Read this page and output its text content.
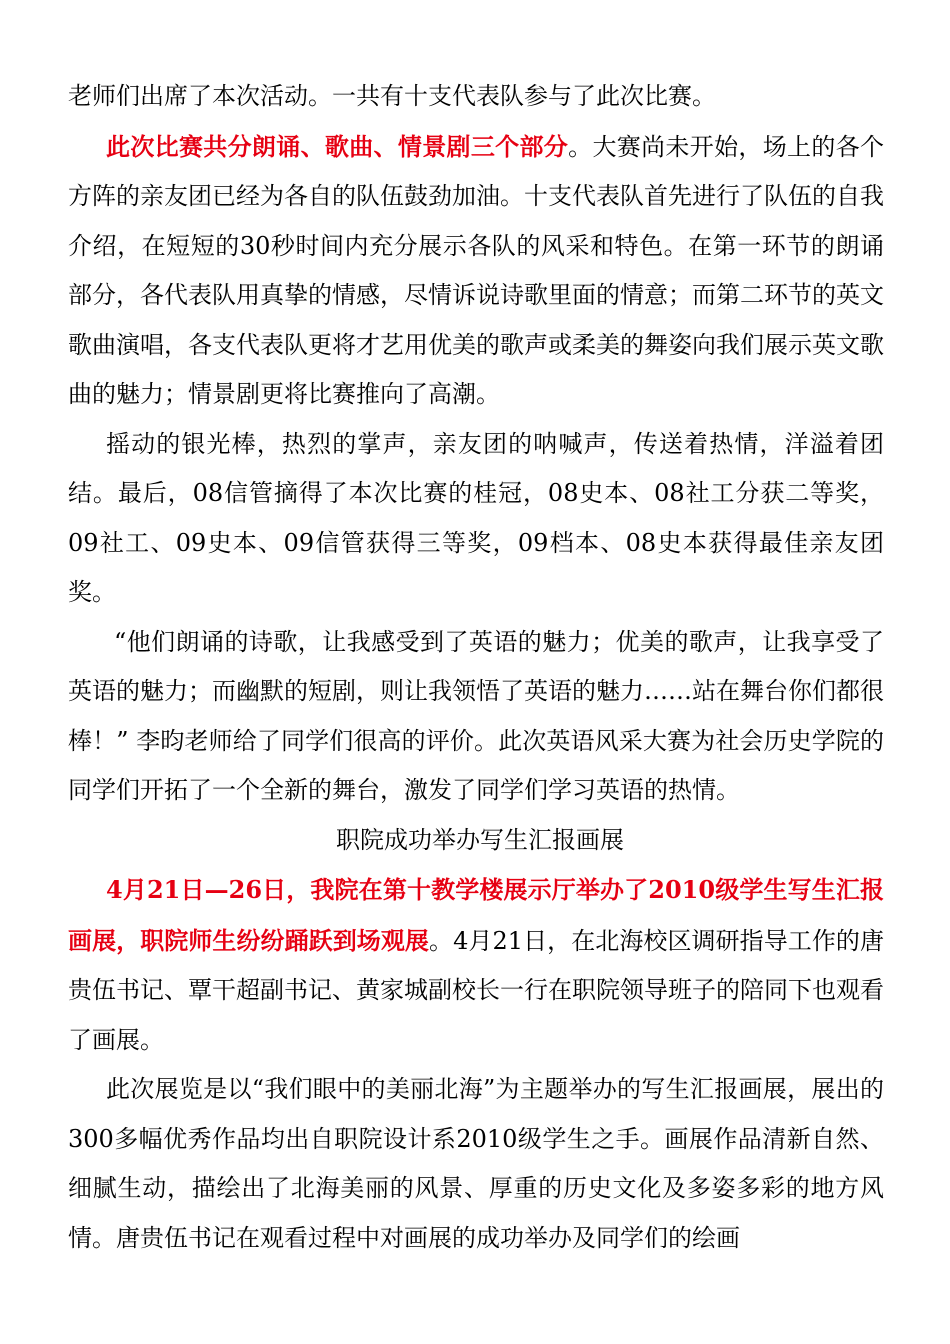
老师们出席了本次活动。一共有十支代表队参与了此次比赛。

此次比赛共分朗诵、歌曲、情景剧三个部分。大赛尚未开始，场上的各个方阵的亲友团已经为各自的队伍鼓劲加油。十支代表队首先进行了队伍的自我介绍，在短短的30秒时间内充分展示各队的风采和特色。在第一环节的朗诵部分，各代表队用真挚的情感，尽情诉说诗歌里面的情意；而第二环节的英文歌曲演唱，各支代表队更将才艺用优美的歌声或柔美的舞姿向我们展示英文歌曲的魅力；情景剧更将比赛推向了高潮。

摇动的银光棒，热烈的掌声，亲友团的呐喊声，传送着热情，洋溢着团结。最后，08信管摘得了本次比赛的桂冠，08史本、08社工分获二等奖，09社工、09史本、09信管获得三等奖，09档本、08史本获得最佳亲友团奖。

“他们朗诵的诗歌，让我感受到了英语的魅力；优美的歌声，让我享受了英语的魅力；而幽默的短剧，则让我领悟了英语的魅力……站在舞台你们都很棒！” 李昀老师给了同学们很高的评价。此次英语风采大赛为社会历史学院的同学们开拓了一个全新的舞台，激发了同学们学习英语的热情。

职院成功举办写生汇报画展

4月21日—26日，我院在第十教学楼展示厅举办了2010级学生写生汇报画展，职院师生纷纷踊跃到场观展。4月21日，在北海校区调研指导工作的唐贵伍书记、覃干超副书记、黄家城副校长一行在职院领导班子的陪同下也观看了画展。

此次展览是以“我们眼中的美丽北海”为主题举办的写生汇报画展，展出的300多幅优秀作品均出自职院设计系2010级学生之手。画展作品清新自然、细腻生动，描绘出了北海美丽的风景、厚重的历史文化及多姿多彩的地方风情。唐贵伍书记在观看过程中对画展的成功举办及同学们的绘画
